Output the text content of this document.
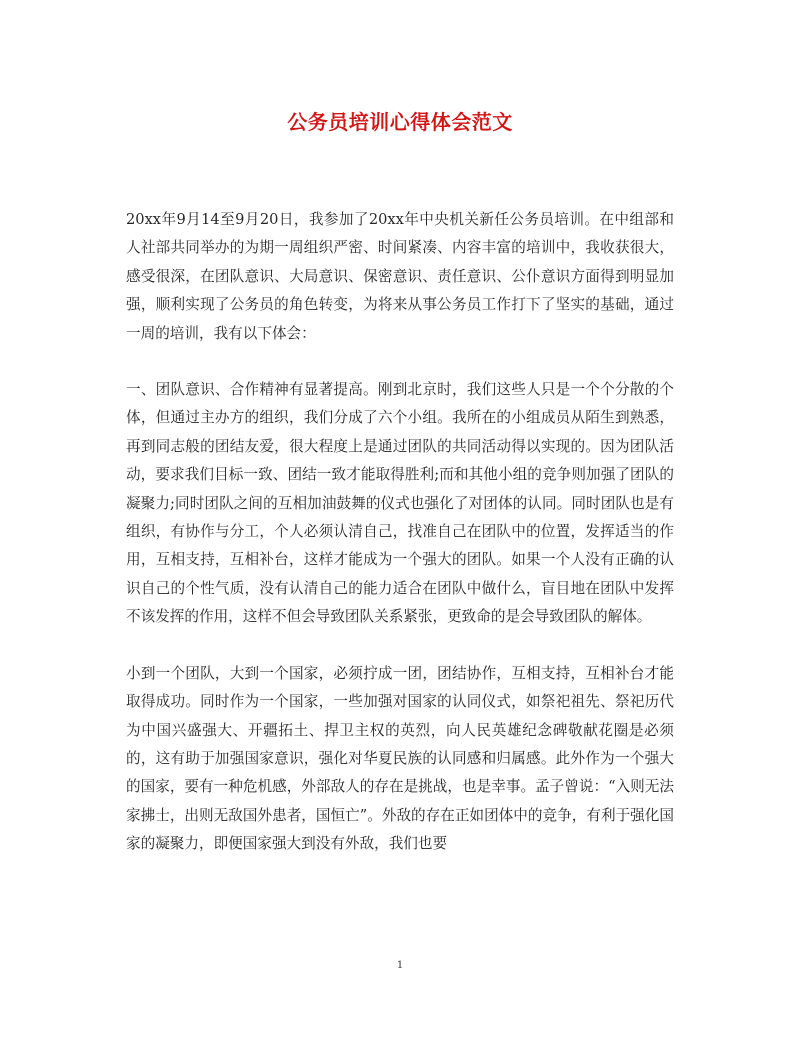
公务员培训心得体会范文

20xx年9月14至9月20日，我参加了20xx年中央机关新任公务员培训。在中组部和人社部共同举办的为期一周组织严密、时间紧凑、内容丰富的培训中，我收获很大，感受很深，在团队意识、大局意识、保密意识、责任意识、公仆意识方面得到明显加强，顺利实现了公务员的角色转变，为将来从事公务员工作打下了坚实的基础，通过一周的培训，我有以下体会：

一、团队意识、合作精神有显著提高。刚到北京时，我们这些人只是一个个分散的个体，但通过主办方的组织，我们分成了六个小组。我所在的小组成员从陌生到熟悉，再到同志般的团结友爱，很大程度上是通过团队的共同活动得以实现的。因为团队活动，要求我们目标一致、团结一致才能取得胜利;而和其他小组的竞争则加强了团队的凝聚力;同时团队之间的互相加油鼓舞的仪式也强化了对团体的认同。同时团队也是有组织，有协作与分工，个人必须认清自己，找准自己在团队中的位置，发挥适当的作用，互相支持，互相补台，这样才能成为一个强大的团队。如果一个人没有正确的认识自己的个性气质，没有认清自己的能力适合在团队中做什么，盲目地在团队中发挥不该发挥的作用，这样不但会导致团队关系紧张，更致命的是会导致团队的解体。

小到一个团队，大到一个国家，必须拧成一团，团结协作，互相支持，互相补台才能取得成功。同时作为一个国家，一些加强对国家的认同仪式，如祭祀祖先、祭祀历代为中国兴盛强大、开疆拓土、捍卫主权的英烈，向人民英雄纪念碑敬献花圈是必须的，这有助于加强国家意识，强化对华夏民族的认同感和归属感。此外作为一个强大的国家，要有一种危机感，外部敌人的存在是挑战，也是幸事。孟子曾说：“入则无法家拂士，出则无敌国外患者，国恒亡”。外敌的存在正如团体中的竞争，有利于强化国家的凝聚力，即便国家强大到没有外敌，我们也要

1
